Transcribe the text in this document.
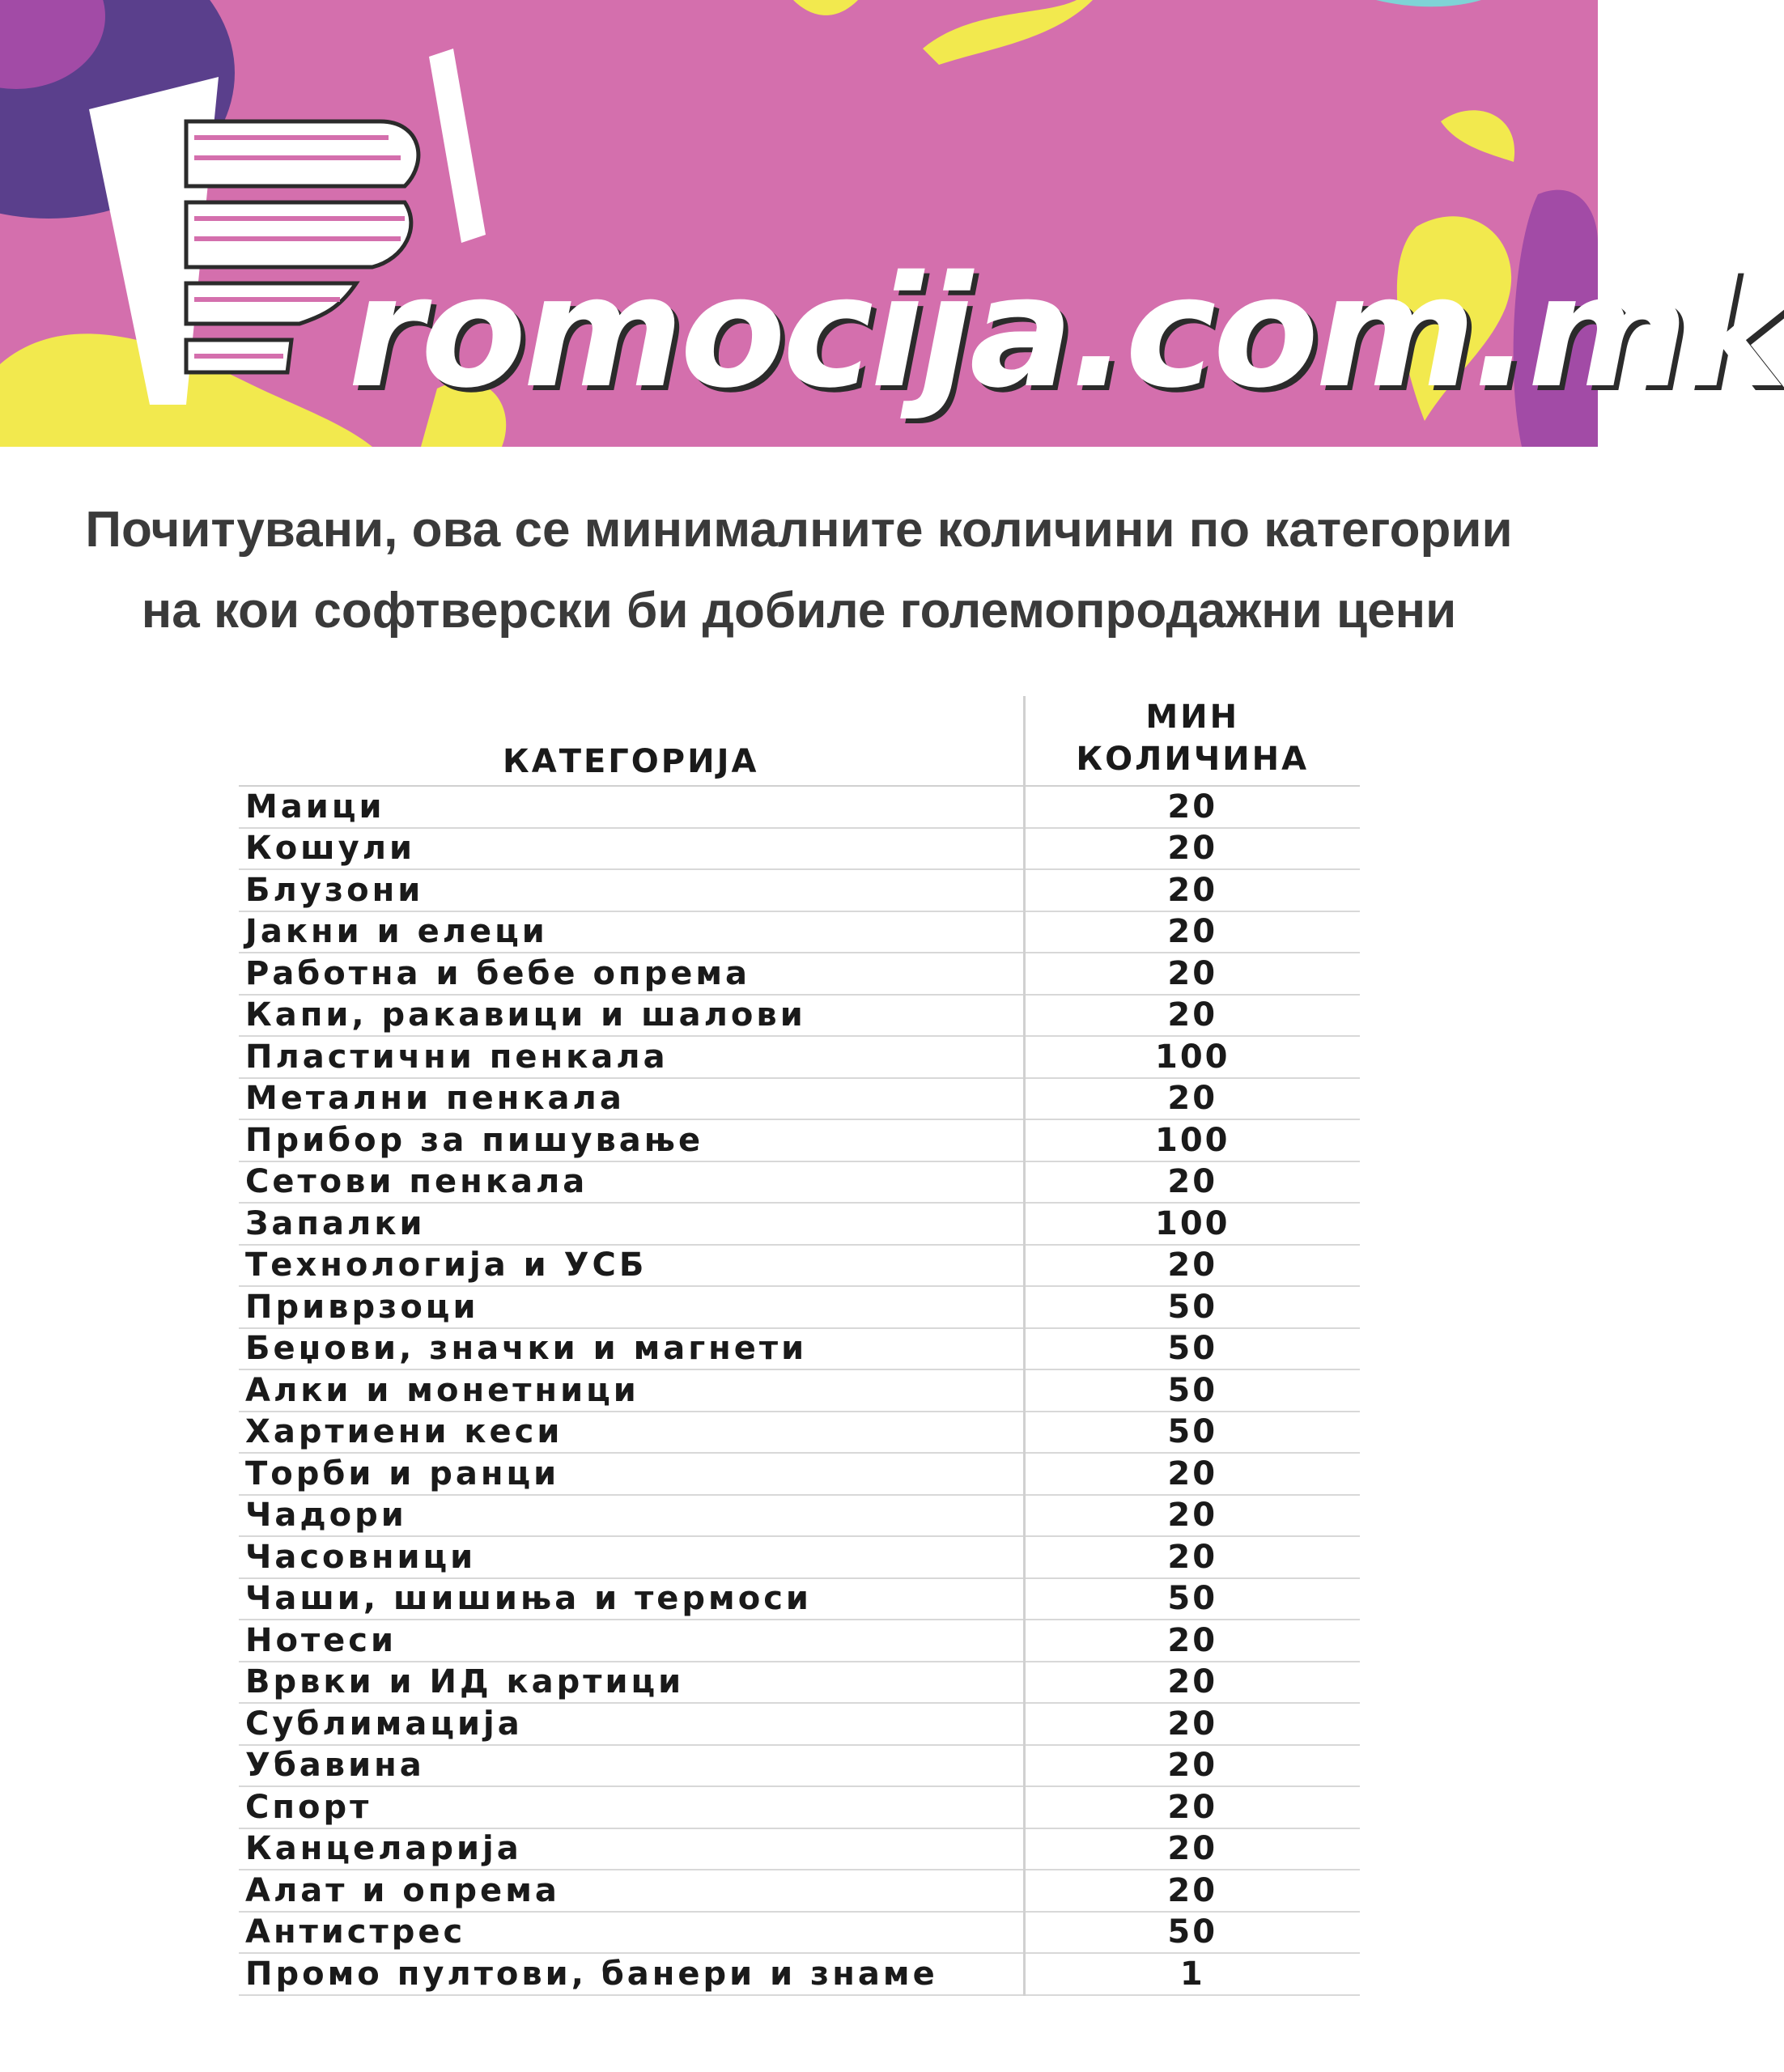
romocija.com.mk
Почитувани, ова се минималните количини по категории
на кои софтверски би добиле големопродажни цени
КАТЕГОРИЈА	МИН
КОЛИЧИНА

Маици	20
Кошули	20
Блузони	20
Јакни и елеци	20
Работна и бебе опрема	20
Капи, ракавици и шалови	20
Пластични пенкала	100
Метални пенкала	20
Прибор за пишување	100
Сетови пенкала	20
Запалки	100
Технологија и УСБ	20
Приврзоци	50
Беџови, значки и магнети	50
Алки и монетници	50
Хартиени кеси	50
Торби и ранци	20
Чадори	20
Часовници	20
Чаши, шишиња и термоси	50
Нотеси	20
Врвки и ИД картици	20
Сублимација	20
Убавина	20
Спорт	20
Канцеларија	20
Алат и опрема	20
Антистрес	50
Промо пултови, банери и знаме	1
